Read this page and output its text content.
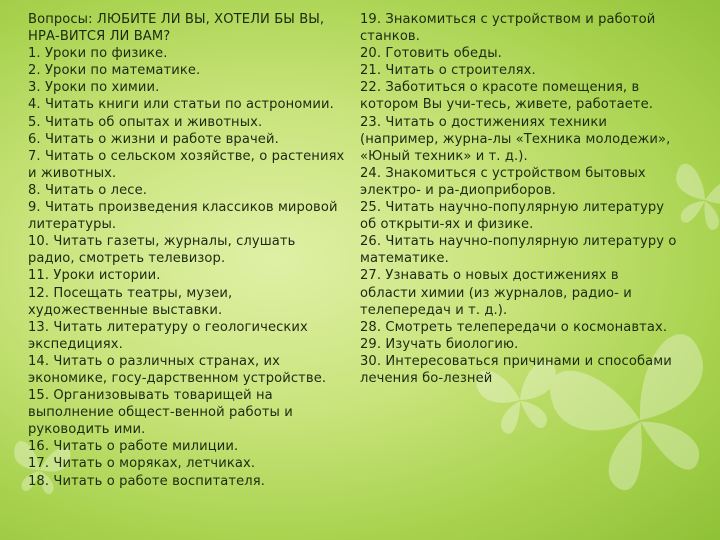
Вопросы: ЛЮБИТЕ ЛИ ВЫ, ХОТЕЛИ БЫ ВЫ,
НРА-ВИТСЯ ЛИ ВАМ?
1. Уроки по физике.
2. Уроки по математике.
3. Уроки по химии.
4. Читать книги или статьи по астрономии.
5. Читать об опытах и животных.
6. Читать о жизни и работе врачей.
7. Читать о сельском хозяйстве, о растениях
и животных.
8. Читать о лесе.
9. Читать произведения классиков мировой
литературы.
10. Читать газеты, журналы, слушать
радио, смотреть телевизор.
11. Уроки истории.
12. Посещать театры, музеи,
художественные выставки.
13. Читать литературу о геологических
экспедициях.
14. Читать о различных странах, их
экономике, госу-дарственном устройстве.
15. Организовывать товарищей на
выполнение общест-венной работы и
руководить ими.
16. Читать о работе милиции.
17. Читать о моряках, летчиках.
18. Читать о работе воспитателя.
19. Знакомиться с устройством и работой
станков.
20. Готовить обеды.
21. Читать о строителях.
22. Заботиться о красоте помещения, в
котором Вы учи-тесь, живете, работаете.
23. Читать о достижениях техники
(например, журна-лы «Техника молодежи»,
«Юный техник» и т. д.).
24. Знакомиться с устройством бытовых
электро- и ра-диоприборов.
25. Читать научно-популярную литературу
об открыти-ях и физике.
26. Читать научно-популярную литературу о
математике.
27. Узнавать о новых достижениях в
области химии (из журналов, радио- и
телепередач и т. д.).
28. Смотреть телепередачи о космонавтах.
29. Изучать биологию.
30. Интересоваться причинами и способами
лечения бо-лезней
